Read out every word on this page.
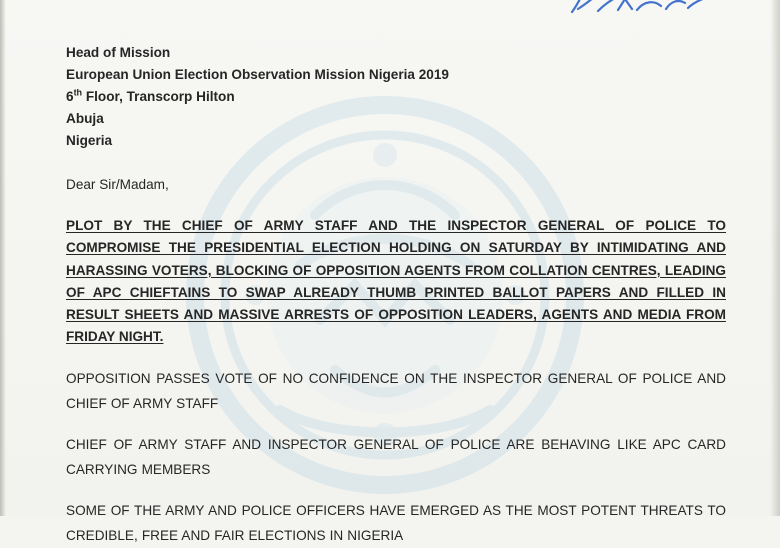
Head of Mission
European Union Election Observation Mission Nigeria 2019
6th Floor, Transcorp Hilton
Abuja
Nigeria
Dear Sir/Madam,
PLOT BY THE CHIEF OF ARMY STAFF AND THE INSPECTOR GENERAL OF POLICE TO COMPROMISE THE PRESIDENTIAL ELECTION HOLDING ON SATURDAY BY INTIMIDATING AND HARASSING VOTERS, BLOCKING OF OPPOSITION AGENTS FROM COLLATION CENTRES, LEADING OF APC CHIEFTAINS TO SWAP ALREADY THUMB PRINTED BALLOT PAPERS AND FILLED IN RESULT SHEETS AND MASSIVE ARRESTS OF OPPOSITION LEADERS, AGENTS AND MEDIA FROM FRIDAY NIGHT.
OPPOSITION PASSES VOTE OF NO CONFIDENCE ON THE INSPECTOR GENERAL OF POLICE AND CHIEF OF ARMY STAFF
CHIEF OF ARMY STAFF AND INSPECTOR GENERAL OF POLICE ARE BEHAVING LIKE APC CARD CARRYING MEMBERS
SOME OF THE ARMY AND POLICE OFFICERS HAVE EMERGED AS THE MOST POTENT THREATS TO CREDIBLE, FREE AND FAIR ELECTIONS IN NIGERIA
